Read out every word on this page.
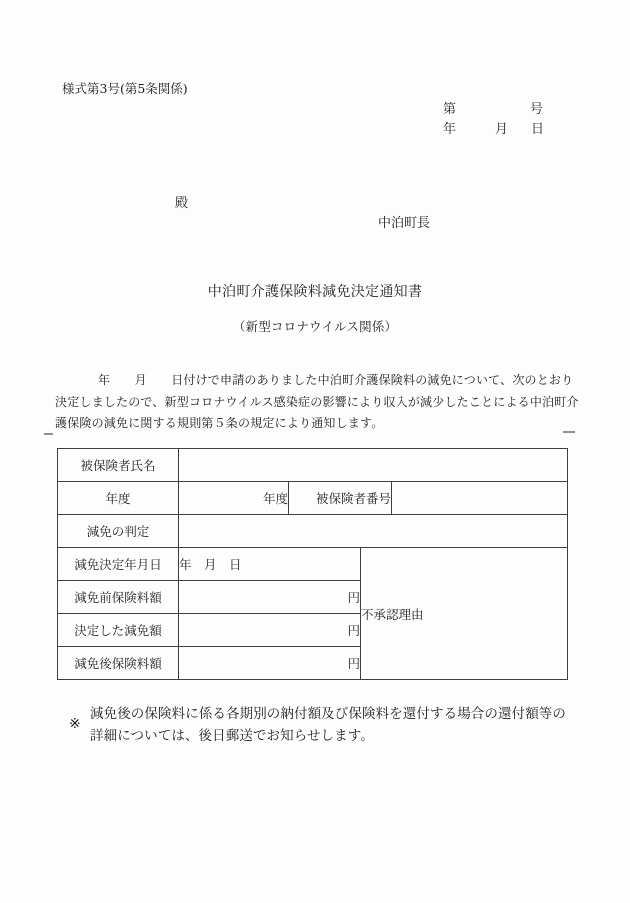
様式第3号(第5条関係)
第	号
年	月 日
殿
中泊町長
中泊町介護保険料減免決定通知書
（新型コロナウイルス関係）
年　　月　　日付けで申請のありました中泊町介護保険料の減免について、次のとおり
決定しましたので、新型コロナウイルス感染症の影響により収入が減少したことによる中泊町介
護保険の減免に関する規則第５条の規定により通知します。
被保険者氏名				
年度	年度	被保険者番号		
減免の判定				
減免決定年月日	年　月　日		不承認理由	
減免前保険料額	円			
決定した減免額	円			
減免後保険料額	円			
※
減免後の保険料に係る各期別の納付額及び保険料を還付する場合の還付額等の
詳細については、後日郵送でお知らせします。
